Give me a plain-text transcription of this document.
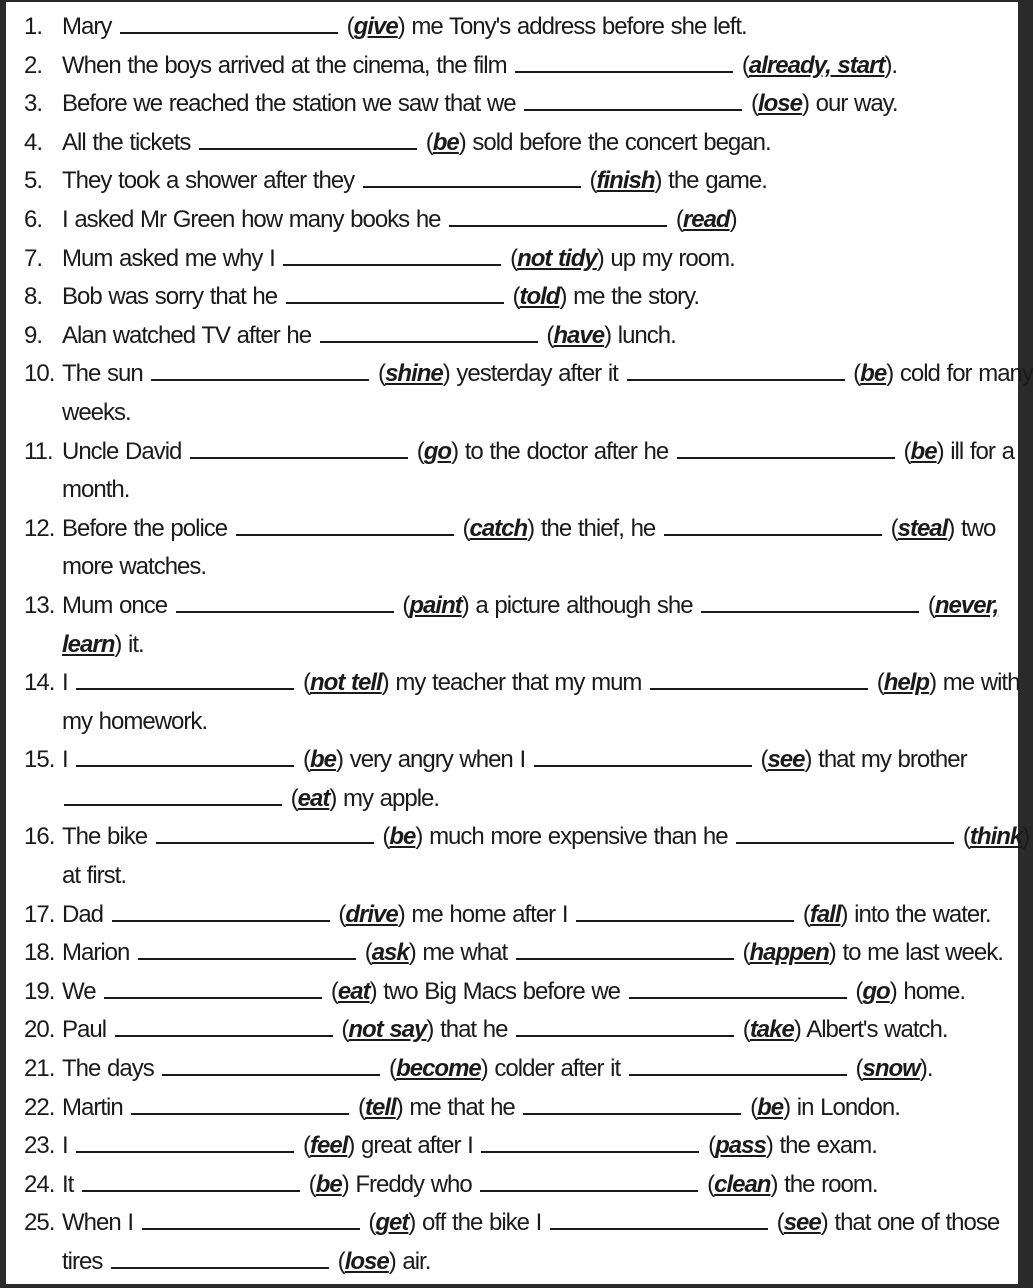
1. Mary	(give) me Tony's address before she left.
2. When the boys arrived at the cinema, the film	(already, start).
3. Before we reached the station we saw that we	(lose) our way.
4. All the tickets	(be) sold before the concert began.
5. They took a shower after they	(finish) the game.
6. I asked Mr Green how many books he	(read)
7. Mum asked me why I	(not tidy) up my room.
8. Bob was sorry that he	(told) me the story.
9. Alan watched TV after he	(have) lunch.
10. The sun	(shine) yesterday after it	(be) cold for many
weeks.
11. Uncle David	(go) to the doctor after he	(be) ill for a
month.
12. Before the police	(catch) the thief, he	(steal) two
more watches.
13. Mum once	(paint) a picture although she	(never,
learn) it.
14. I	(not tell) my teacher that my mum	(help) me with
my homework.
15. I	(be) very angry when I	(see) that my brother
(eat) my apple.
16. The bike	(be) much more expensive than he	(think)
at first.
17. Dad	(drive) me home after I	(fall) into the water.
18. Marion	(ask) me what	(happen) to me last week.
19. We	(eat) two Big Macs before we	(go) home.
20. Paul	(not say) that he	(take) Albert's watch.
21. The days	(become) colder after it	(snow).
22. Martin	(tell) me that he	(be) in London.
23. I	(feel) great after I	(pass) the exam.
24. It	(be) Freddy who	(clean) the room.
25. When I	(get) off the bike I	(see) that one of those
tires	(lose) air.
